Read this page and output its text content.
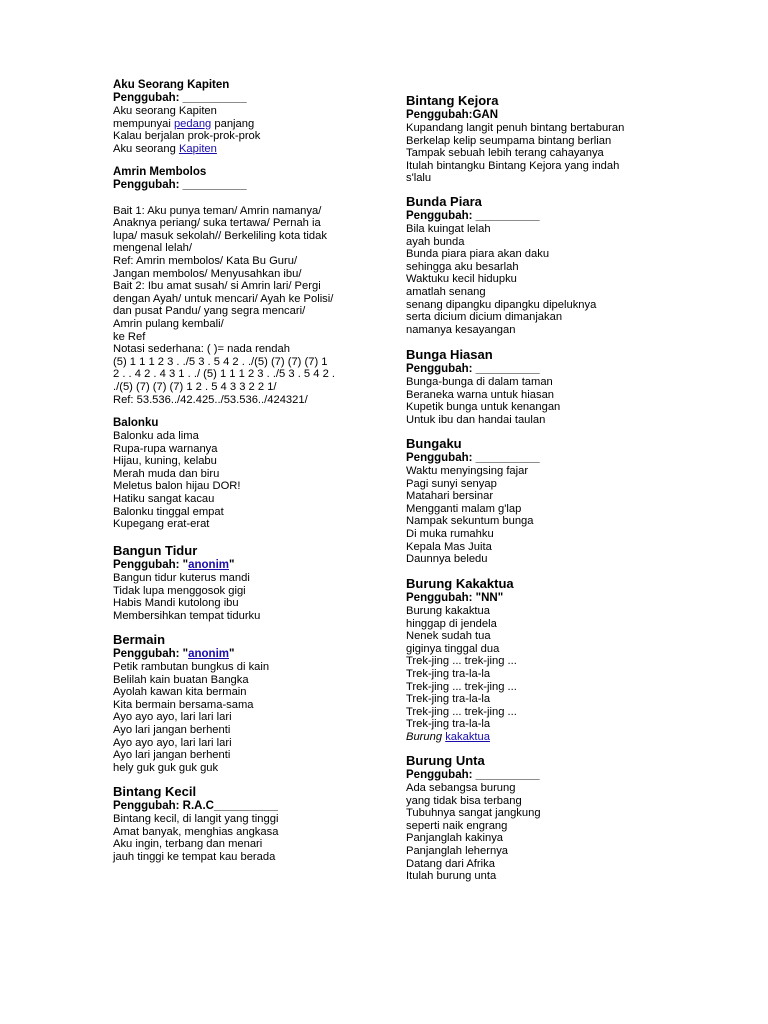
Aku Seorang Kapiten
Penggubah: __________
Aku seorang Kapiten
mempunyai pedang panjang
Kalau berjalan prok-prok-prok
Aku seorang Kapiten
Amrin Membolos
Penggubah: __________
Bait 1: Aku punya teman/ Amrin namanya/
Anaknya periang/ suka tertawa/ Pernah ia
lupa/ masuk sekolah// Berkeliling kota tidak
mengenal lelah/
Ref: Amrin membolos/ Kata Bu Guru/
Jangan membolos/ Menyusahkan ibu/
Bait 2: Ibu amat susah/ si Amrin lari/ Pergi
dengan Ayah/ untuk mencari/ Ayah ke Polisi/
dan pusat Pandu/ yang segra mencari/
Amrin pulang kembali/
ke Ref
Notasi sederhana: ( )= nada rendah
(5) 1 1 1 2 3 . ./5 3 . 5 4 2 . ./(5) (7) (7) (7) 1
2 . . 4 2 . 4 3 1 . ./ (5) 1 1 1 2 3 . ./5 3 . 5 4 2 .
./(5) (7) (7) (7) 1 2 . 5 4 3 3 2 2 1/
Ref: 53.536../42.425../53.536../424321/
Balonku
Balonku ada lima
Rupa-rupa warnanya
Hijau, kuning, kelabu
Merah muda dan biru
Meletus balon hijau DOR!
Hatiku sangat kacau
Balonku tinggal empat
Kupegang erat-erat
Bangun Tidur
Penggubah: "anonim"
Bangun tidur kuterus mandi
Tidak lupa menggosok gigi
Habis Mandi kutolong ibu
Membersihkan tempat tidurku
Bermain
Penggubah: "anonim"
Petik rambutan bungkus di kain
Belilah kain buatan Bangka
Ayolah kawan kita bermain
Kita bermain bersama-sama
Ayo ayo ayo, lari lari lari
Ayo lari jangan berhenti
Ayo ayo ayo, lari lari lari
Ayo lari jangan berhenti
hely guk guk guk guk
Bintang Kecil
Penggubah: R.A.C__________
Bintang kecil, di langit yang tinggi
Amat banyak, menghias angkasa
Aku ingin, terbang dan menari
jauh tinggi ke tempat kau berada
Bintang Kejora
Penggubah:GAN
Kupandang langit penuh bintang bertaburan
Berkelap kelip seumpama bintang berlian
Tampak sebuah lebih terang cahayanya
Itulah bintangku Bintang Kejora yang indah
s'lalu
Bunda Piara
Penggubah: __________
Bila kuingat lelah
ayah bunda
Bunda piara piara akan daku
sehingga aku besarlah
Waktuku kecil hidupku
amatlah senang
senang dipangku dipangku dipeluknya
serta dicium dicium dimanjakan
namanya kesayangan
Bunga Hiasan
Penggubah: __________
Bunga-bunga di dalam taman
Beraneka warna untuk hiasan
Kupetik bunga untuk kenangan
Untuk ibu dan handai taulan
Bungaku
Penggubah: __________
Waktu menyingsing fajar
Pagi sunyi senyap
Matahari bersinar
Mengganti malam g'lap
Nampak sekuntum bunga
Di muka rumahku
Kepala Mas Juita
Daunnya beledu
Burung Kakaktua
Penggubah: "NN"
Burung kakaktua
hinggap di jendela
Nenek sudah tua
giginya tinggal dua
Trek-jing ... trek-jing ...
Trek-jing tra-la-la
Trek-jing ... trek-jing ...
Trek-jing tra-la-la
Trek-jing ... trek-jing ...
Trek-jing tra-la-la
Burung kakaktua
Burung Unta
Penggubah: __________
Ada sebangsa burung
yang tidak bisa terbang
Tubuhnya sangat jangkung
seperti naik engrang
Panjanglah kakinya
Panjanglah lehernya
Datang dari Afrika
Itulah burung unta
